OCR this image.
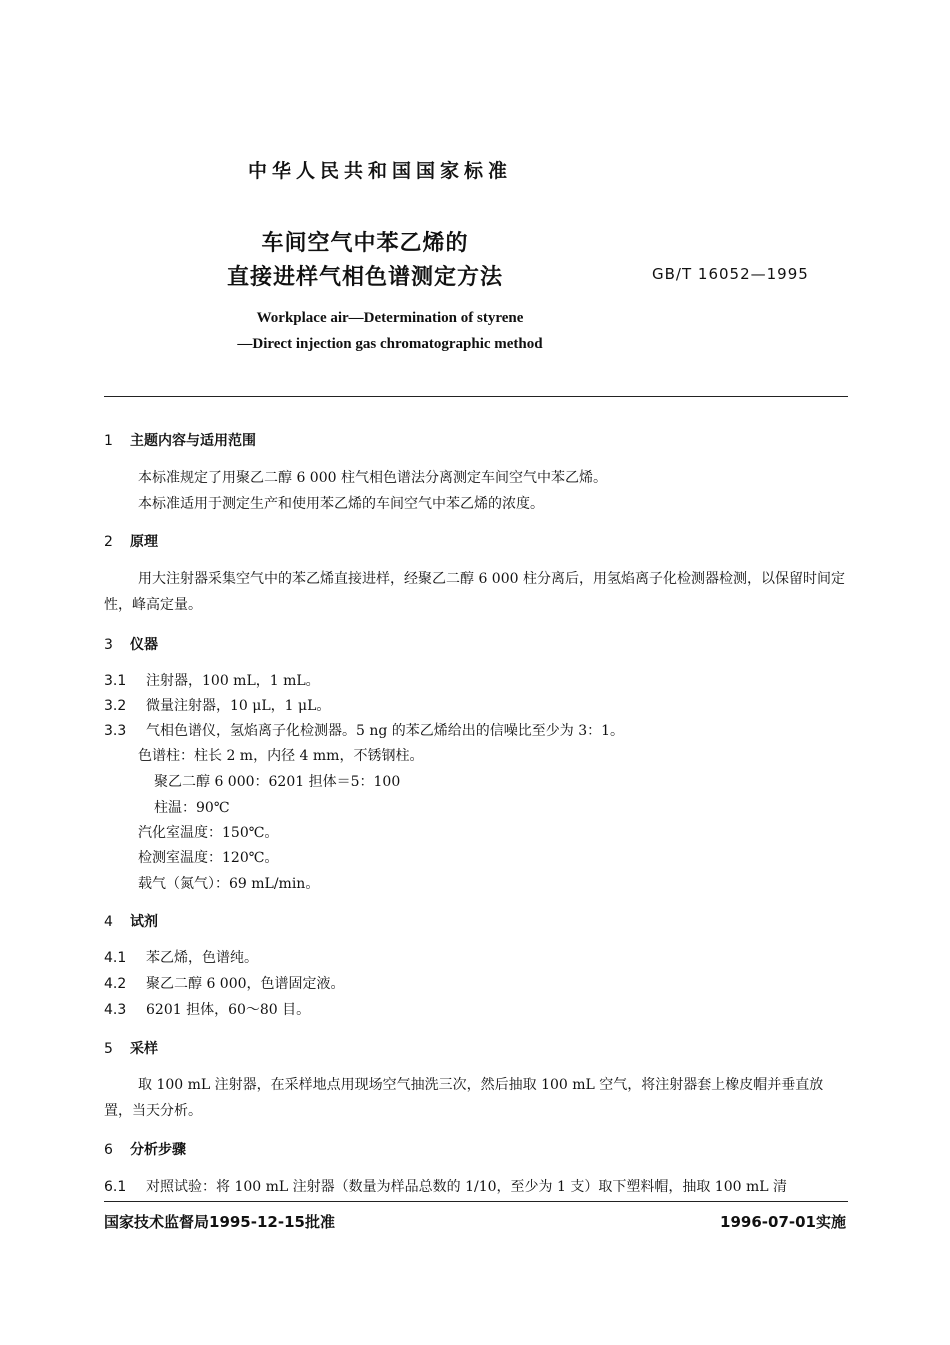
中华人民共和国国家标准
车间空气中苯乙烯的
直接进样气相色谱测定方法	GB/T 16052—1995
Workplace air—Determination of styrene
—Direct injection gas chromatographic method
1 主题内容与适用范围
本标准规定了用聚乙二醇 6 000 柱气相色谱法分离测定车间空气中苯乙烯。
本标准适用于测定生产和使用苯乙烯的车间空气中苯乙烯的浓度。
2 原理
用大注射器采集空气中的苯乙烯直接进样，经聚乙二醇 6 000 柱分离后，用氢焰离子化检测器检测，以保留时间定性，峰高定量。
3 仪器
3.1 注射器，100 mL，1 mL。
3.2 微量注射器，10 μL，1 μL。
3.3 气相色谱仪，氢焰离子化检测器。5 ng 的苯乙烯给出的信噪比至少为 3：1。
色谱柱：柱长 2 m，内径 4 mm，不锈钢柱。
聚乙二醇 6 000：6201 担体＝5：100
柱温：90℃
汽化室温度：150℃。
检测室温度：120℃。
载气（氮气）：69 mL/min。
4 试剂
4.1 苯乙烯，色谱纯。
4.2 聚乙二醇 6 000，色谱固定液。
4.3 6201 担体，60～80 目。
5 采样
取 100 mL 注射器，在采样地点用现场空气抽洗三次，然后抽取 100 mL 空气，将注射器套上橡皮帽并垂直放置，当天分析。
6 分析步骤
6.1 对照试验：将 100 mL 注射器（数量为样品总数的 1/10，至少为 1 支）取下塑料帽，抽取 100 mL 清
国家技术监督局1995-12-15批准	1996-07-01实施
